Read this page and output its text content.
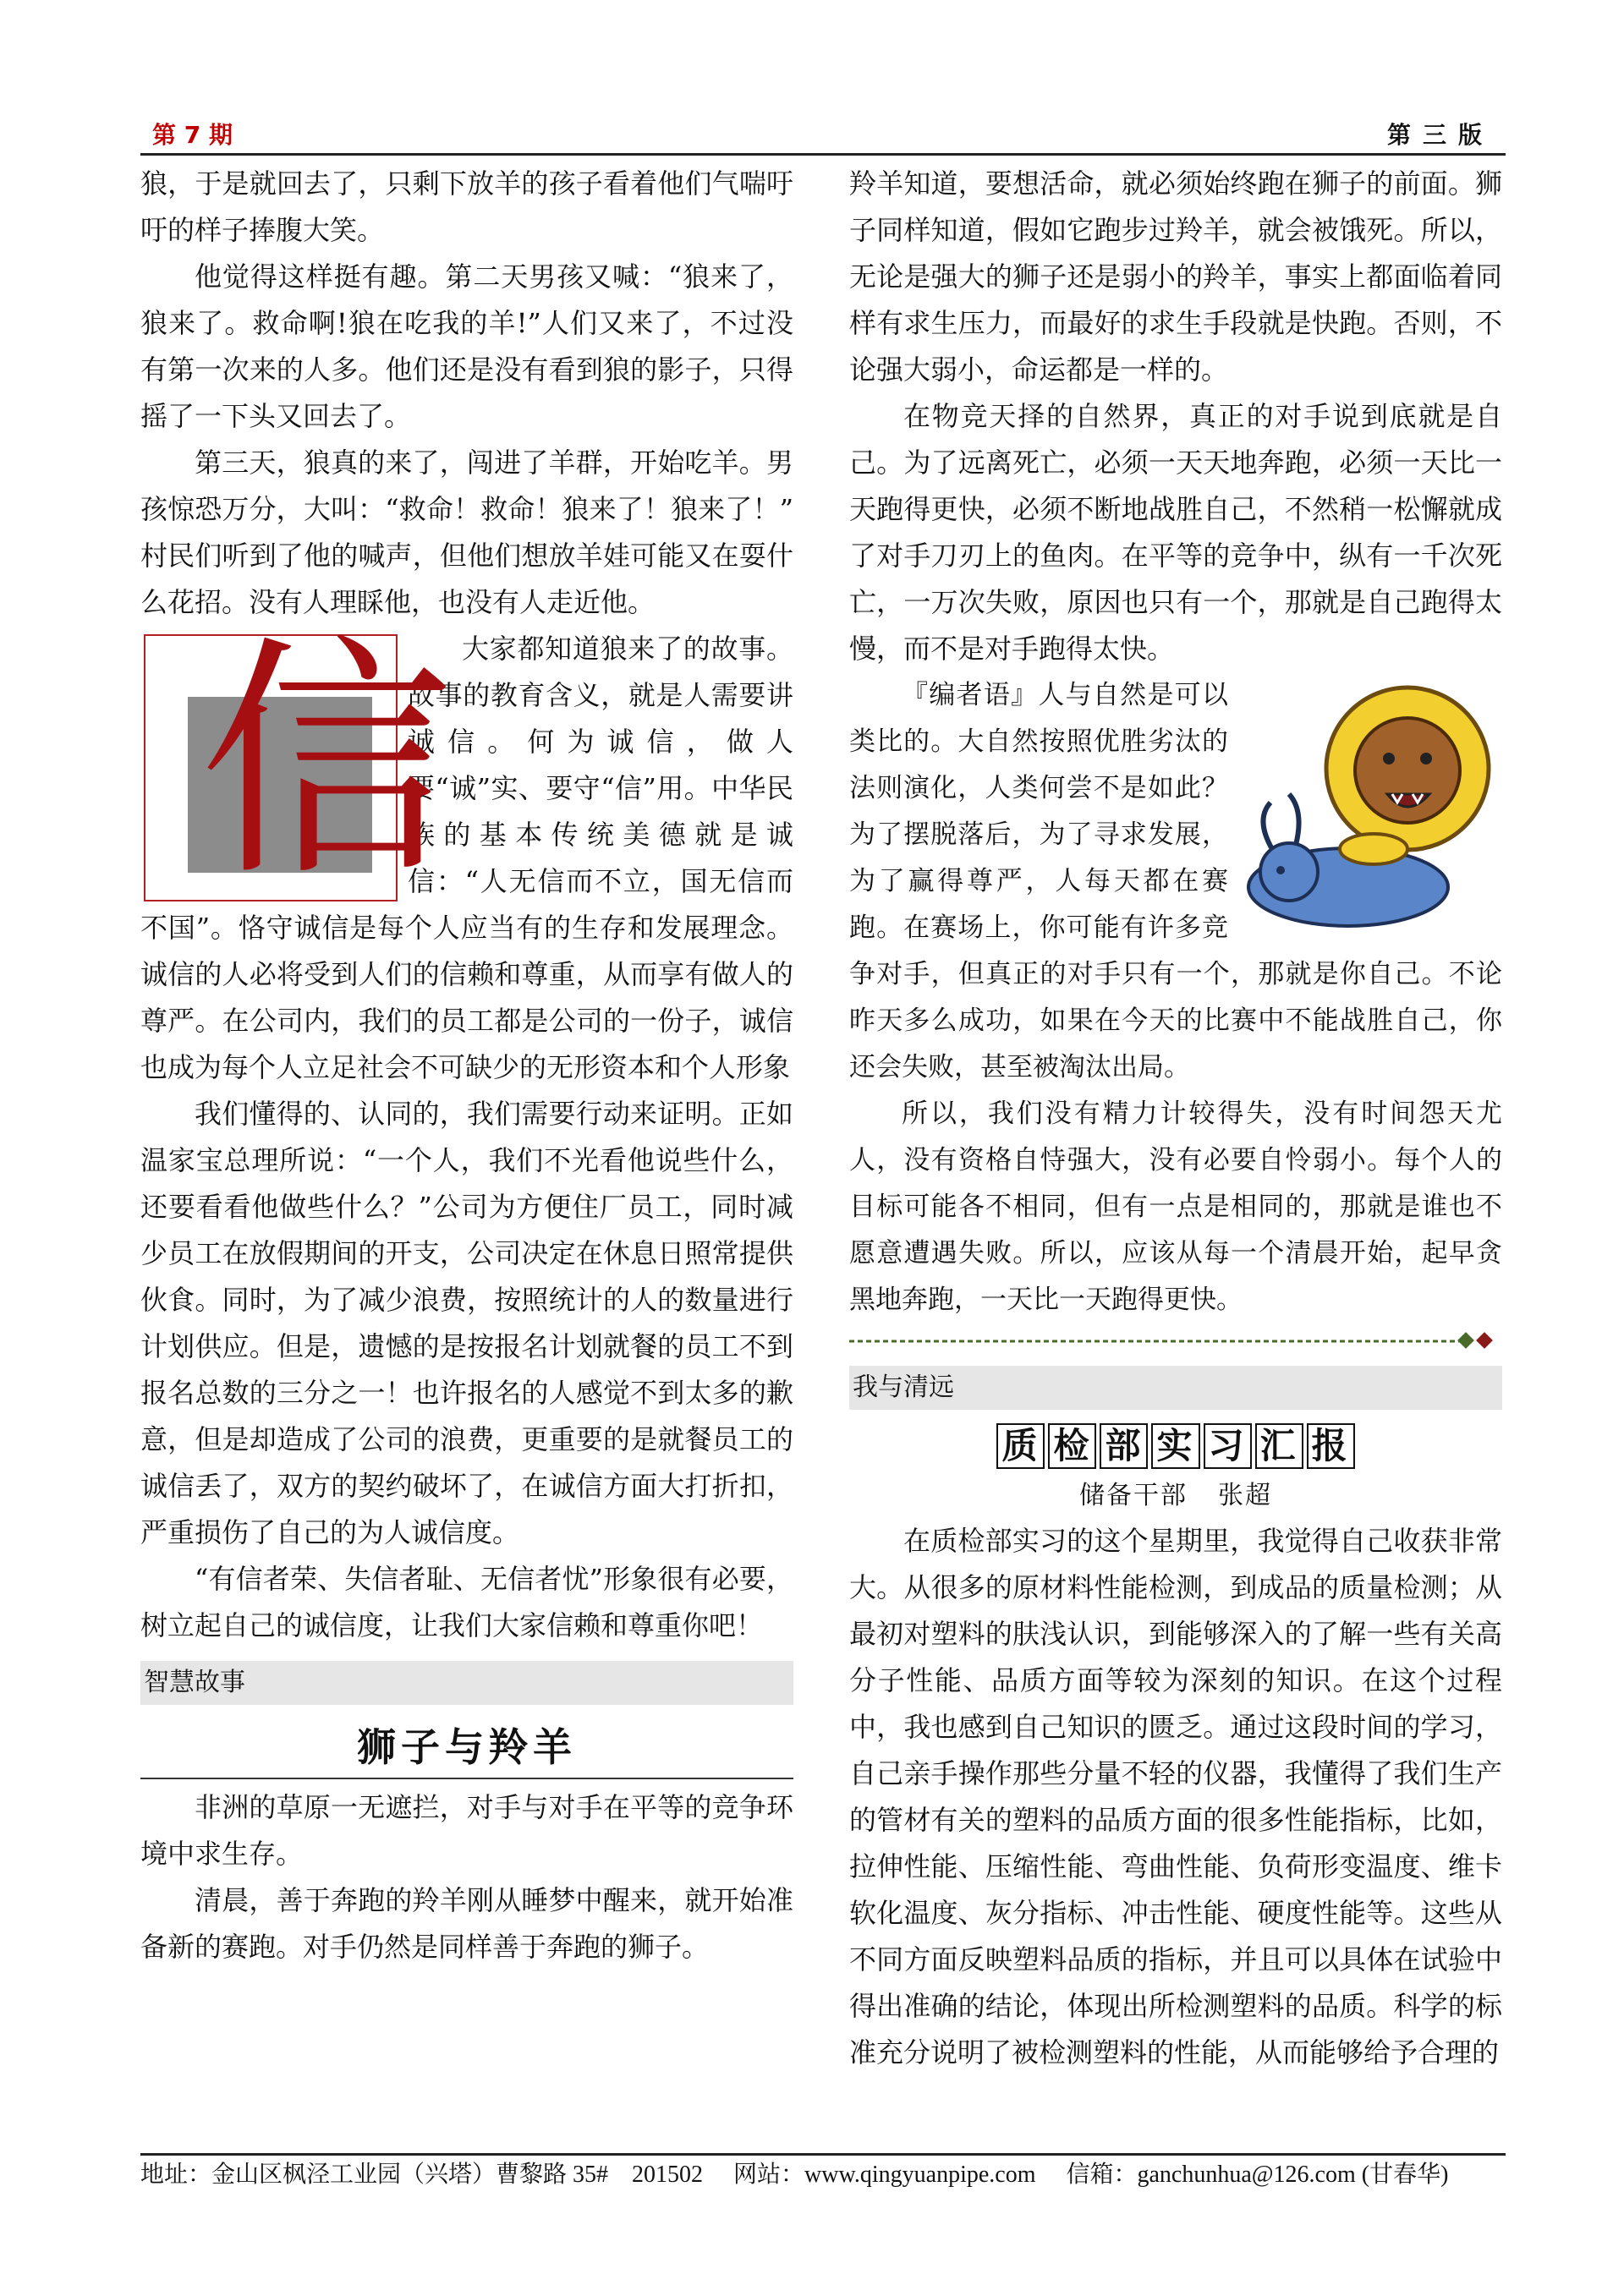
第 7 期	第三版

狼，于是就回去了，只剩下放羊的孩子看着他们气喘吁吁的样子捧腹大笑。

他觉得这样挺有趣。第二天男孩又喊：“狼来了，狼来了。救命啊!狼在吃我的羊!”人们又来了，不过没有第一次来的人多。他们还是没有看到狼的影子，只得摇了一下头又回去了。

第三天，狼真的来了，闯进了羊群，开始吃羊。男孩惊恐万分，大叫：“救命！救命！狼来了！狼来了！” 村民们听到了他的喊声，但他们想放羊娃可能又在耍什么花招。没有人理睬他，也没有人走近他。

信 大家都知道狼来了的故事。故事的教育含义，就是人需要讲诚信。何为诚信，做人要“诚”实、要守“信”用。中华民族的基本传统美德就是诚信：“人无信而不立，国无信而不国”。恪守诚信是每个人应当有的生存和发展理念。诚信的人必将受到人们的信赖和尊重，从而享有做人的尊严。在公司内，我们的员工都是公司的一份子，诚信也成为每个人立足社会不可缺少的无形资本和个人形象

我们懂得的、认同的，我们需要行动来证明。正如温家宝总理所说：“一个人，我们不光看他说些什么，还要看看他做些什么？”公司为方便住厂员工，同时减少员工在放假期间的开支，公司决定在休息日照常提供伙食。同时，为了减少浪费，按照统计的人的数量进行计划供应。但是，遗憾的是按报名计划就餐的员工不到报名总数的三分之一！也许报名的人感觉不到太多的歉意，但是却造成了公司的浪费，更重要的是就餐员工的诚信丢了，双方的契约破坏了，在诚信方面大打折扣，严重损伤了自己的为人诚信度。

“有信者荣、失信者耻、无信者忧”形象很有必要，树立起自己的诚信度，让我们大家信赖和尊重你吧！

智慧故事
狮子与羚羊

非洲的草原一无遮拦，对手与对手在平等的竞争环境中求生存。

清晨，善于奔跑的羚羊刚从睡梦中醒来，就开始准备新的赛跑。对手仍然是同样善于奔跑的狮子。

羚羊知道，要想活命，就必须始终跑在狮子的前面。狮子同样知道，假如它跑步过羚羊，就会被饿死。所以，无论是强大的狮子还是弱小的羚羊，事实上都面临着同样有求生压力，而最好的求生手段就是快跑。否则，不论强大弱小，命运都是一样的。

在物竞天择的自然界，真正的对手说到底就是自己。为了远离死亡，必须一天天地奔跑，必须一天比一天跑得更快，必须不断地战胜自己，不然稍一松懈就成了对手刀刃上的鱼肉。在平等的竞争中，纵有一千次死亡，一万次失败，原因也只有一个，那就是自己跑得太慢，而不是对手跑得太快。

『编者语』人与自然是可以类比的。大自然按照优胜劣汰的法则演化，人类何尝不是如此？为了摆脱落后，为了寻求发展，为了赢得尊严，人每天都在赛跑。在赛场上，你可能有许多竞争对手，但真正的对手只有一个，那就是你自己。不论昨天多么成功，如果在今天的比赛中不能战胜自己，你还会失败，甚至被淘汰出局。

所以，我们没有精力计较得失，没有时间怨天尤人，没有资格自恃强大，没有必要自怜弱小。每个人的目标可能各不相同，但有一点是相同的，那就是谁也不愿意遭遇失败。所以，应该从每一个清晨开始，起早贪黑地奔跑，一天比一天跑得更快。

我与清远
质 检 部 实 习 汇 报
储备干部 张超

在质检部实习的这个星期里，我觉得自己收获非常大。从很多的原材料性能检测，到成品的质量检测；从最初对塑料的肤浅认识，到能够深入的了解一些有关高分子性能、品质方面等较为深刻的知识。在这个过程中，我也感到自己知识的匮乏。通过这段时间的学习，自己亲手操作那些分量不轻的仪器，我懂得了我们生产的管材有关的塑料的品质方面的很多性能指标，比如，拉伸性能、压缩性能、弯曲性能、负荷形变温度、维卡软化温度、灰分指标、冲击性能、硬度性能等。这些从不同方面反映塑料品质的指标，并且可以具体在试验中得出准确的结论，体现出所检测塑料的品质。科学的标准充分说明了被检测塑料的性能，从而能够给予合理的

地址：金山区枫泾工业园（兴塔）曹黎路 35#　201502 网站：www.qingyuanpipe.com 信箱：ganchunhua@126.com (甘春华)
